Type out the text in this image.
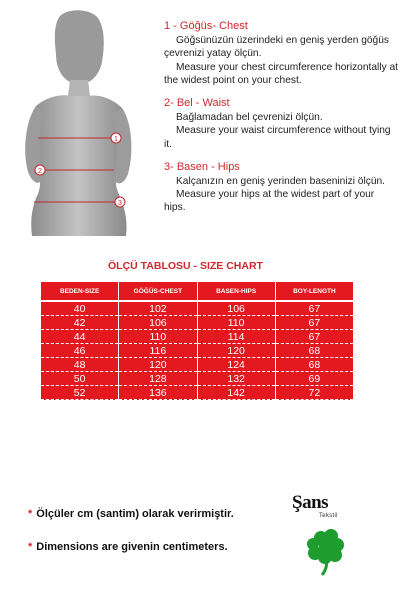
1
2
3
1 - Göğüs- Chest
Göğsünüzün üzerindeki en geniş yerden göğüs çevrenizi yatay ölçün.
Measure your chest circumference horizontally at the widest point on your chest.
2- Bel - Waist
Bağlamadan bel çevrenizi ölçün.
Measure your waist circumference without tying it.
3- Basen - Hips
Kalçanızın en geniş yerinden baseninizi ölçün.
Measure your hips at the widest part of your hips.
ÖLÇÜ TABLOSU - SIZE CHART
BEDEN-SIZE	GÖĞÜS-CHEST	BASEN-HIPS	BOY-LENGTH
40	102	106	67
42	106	110	67
44	110	114	67
46	116	120	68
48	120	124	68
50	128	132	69
52	136	142	72
* Ölçüler cm (santim) olarak verirmiştir.
* Dimensions are givenin centimeters.
Şans
Tekstil
